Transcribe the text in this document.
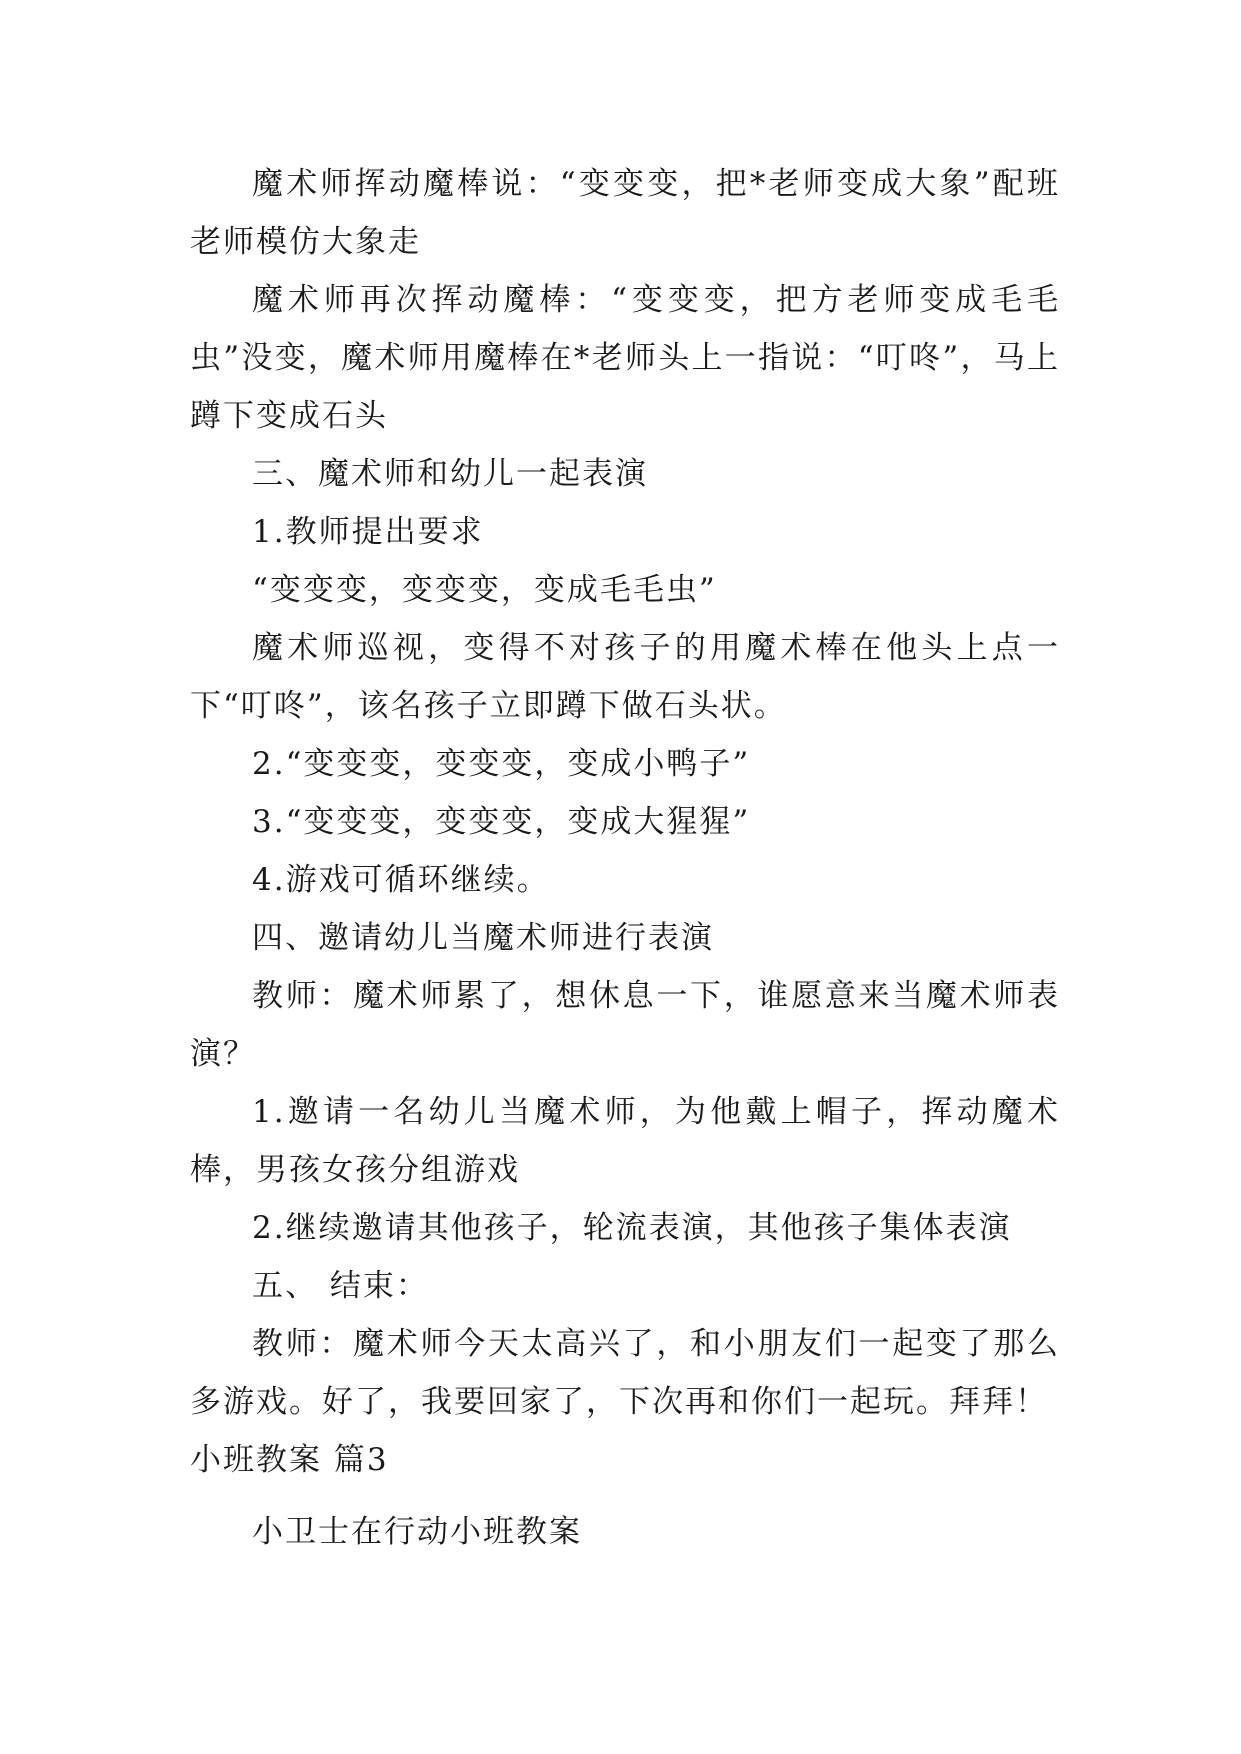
魔术师挥动魔棒说：“变变变，把*老师变成大象”配班老师模仿大象走

魔术师再次挥动魔棒：“变变变，把方老师变成毛毛虫”没变，魔术师用魔棒在*老师头上一指说：“叮咚”，马上蹲下变成石头

三、魔术师和幼儿一起表演

1.教师提出要求

“变变变，变变变，变成毛毛虫”

魔术师巡视，变得不对孩子的用魔术棒在他头上点一下“叮咚”，该名孩子立即蹲下做石头状。

2.“变变变，变变变，变成小鸭子”

3.“变变变，变变变，变成大猩猩”

4.游戏可循环继续。

四、邀请幼儿当魔术师进行表演

教师：魔术师累了，想休息一下，谁愿意来当魔术师表演？

1.邀请一名幼儿当魔术师，为他戴上帽子，挥动魔术棒，男孩女孩分组游戏

2.继续邀请其他孩子，轮流表演，其他孩子集体表演

五、 结束：

教师：魔术师今天太高兴了，和小朋友们一起变了那么多游戏。好了，我要回家了，下次再和你们一起玩。拜拜！

小班教案 篇3

小卫士在行动小班教案
